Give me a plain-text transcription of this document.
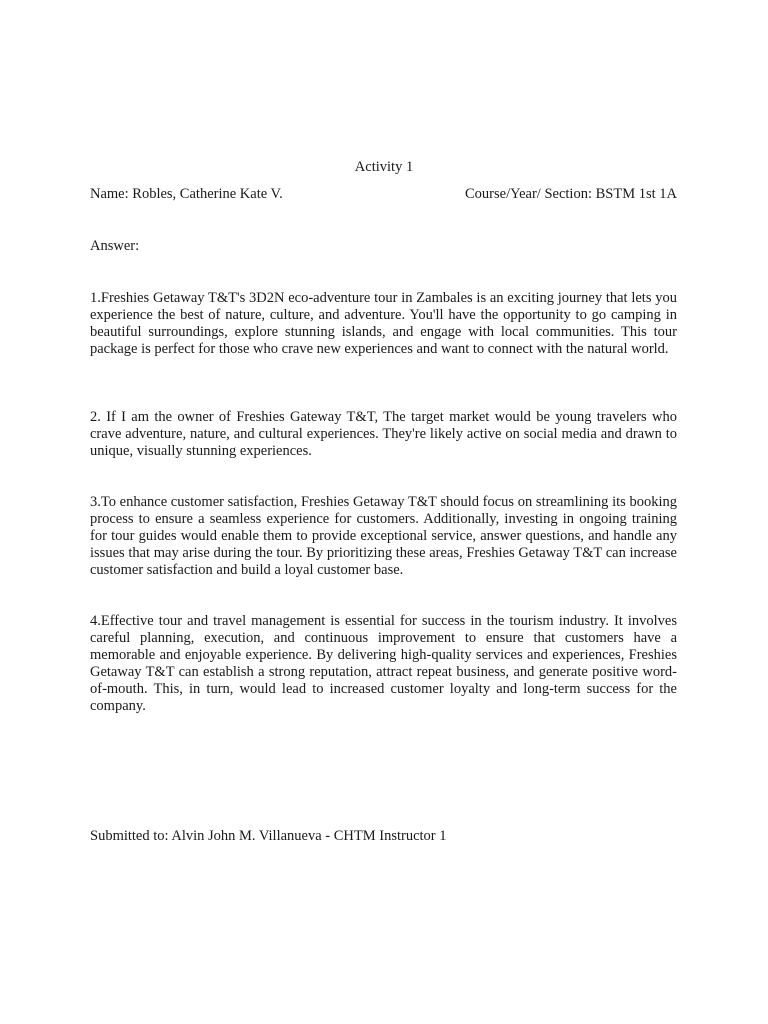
Activity 1
Name: Robles, Catherine Kate V.	Course/Year/ Section: BSTM 1st 1A
Answer:

1.Freshies Getaway T&T's 3D2N eco-adventure tour in Zambales is an exciting journey that lets you experience the best of nature, culture, and adventure. You'll have the opportunity to go camping in beautiful surroundings, explore stunning islands, and engage with local communities. This tour package is perfect for those who crave new experiences and want to connect with the natural world.

2. If I am the owner of Freshies Gateway T&T, The target market would be young travelers who crave adventure, nature, and cultural experiences. They're likely active on social media and drawn to unique, visually stunning experiences.

3.To enhance customer satisfaction, Freshies Getaway T&T should focus on streamlining its booking process to ensure a seamless experience for customers. Additionally, investing in ongoing training for tour guides would enable them to provide exceptional service, answer questions, and handle any issues that may arise during the tour. By prioritizing these areas, Freshies Getaway T&T can increase customer satisfaction and build a loyal customer base.

4.Effective tour and travel management is essential for success in the tourism industry. It involves careful planning, execution, and continuous improvement to ensure that customers have a memorable and enjoyable experience. By delivering high-quality services and experiences, Freshies Getaway T&T can establish a strong reputation, attract repeat business, and generate positive word-of-mouth. This, in turn, would lead to increased customer loyalty and long-term success for the company.

Submitted to: Alvin John M. Villanueva - CHTM Instructor 1
